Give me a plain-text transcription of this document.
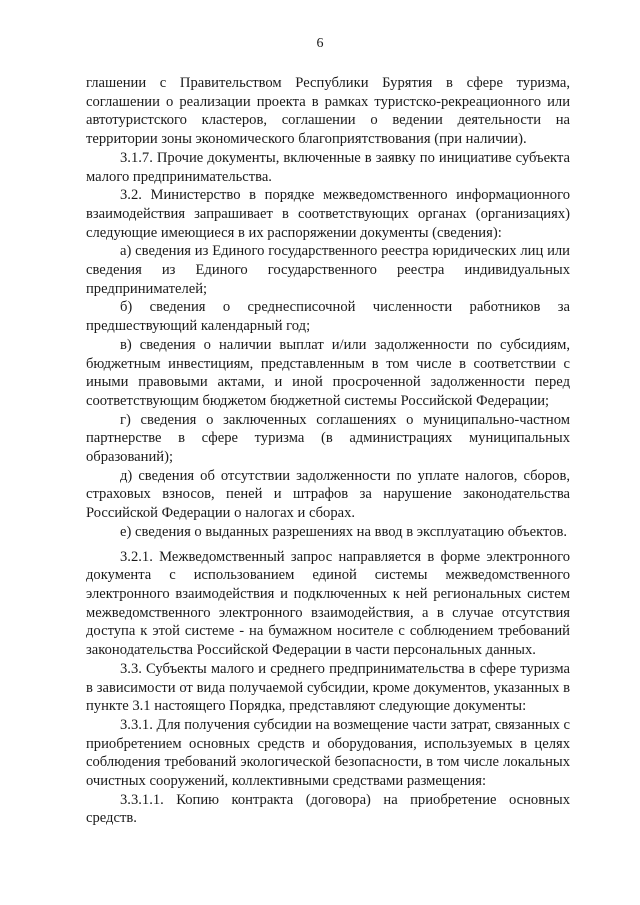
6

глашении с Правительством Республики Бурятия в сфере туризма, соглашении о реализации проекта в рамках туристско-рекреационного или автотуристского кластеров, соглашении о ведении деятельности на территории зоны экономического благоприятствования (при наличии).

3.1.7. Прочие документы, включенные в заявку по инициативе субъекта малого предпринимательства.

3.2. Министерство в порядке межведомственного информационного взаимодействия запрашивает в соответствующих органах (организациях) следующие имеющиеся в их распоряжении документы (сведения):

а) сведения из Единого государственного реестра юридических лиц или сведения из Единого государственного реестра индивидуальных предпринимателей;

б) сведения о среднесписочной численности работников за предшествующий календарный год;

в) сведения о наличии выплат и/или задолженности по субсидиям, бюджетным инвестициям, представленным в том числе в соответствии с иными правовыми актами, и иной просроченной задолженности перед соответствующим бюджетом бюджетной системы Российской Федерации;

г) сведения о заключенных соглашениях о муниципально-частном партнерстве в сфере туризма (в администрациях муниципальных образований);

д) сведения об отсутствии задолженности по уплате налогов, сборов, страховых взносов, пеней и штрафов за нарушение законодательства Российской Федерации о налогах и сборах.

е) сведения о выданных разрешениях на ввод в эксплуатацию объектов.

3.2.1. Межведомственный запрос направляется в форме электронного документа с использованием единой системы межведомственного электронного взаимодействия и подключенных к ней региональных систем межведомственного электронного взаимодействия, а в случае отсутствия доступа к этой системе - на бумажном носителе с соблюдением требований законодательства Российской Федерации в части персональных данных.

3.3. Субъекты малого и среднего предпринимательства в сфере туризма в зависимости от вида получаемой субсидии, кроме документов, указанных в пункте 3.1 настоящего Порядка, представляют следующие документы:

3.3.1. Для получения субсидии на возмещение части затрат, связанных с приобретением основных средств и оборудования, используемых в целях соблюдения требований экологической безопасности, в том числе локальных очистных сооружений, коллективными средствами размещения:

3.3.1.1. Копию контракта (договора) на приобретение основных средств.
